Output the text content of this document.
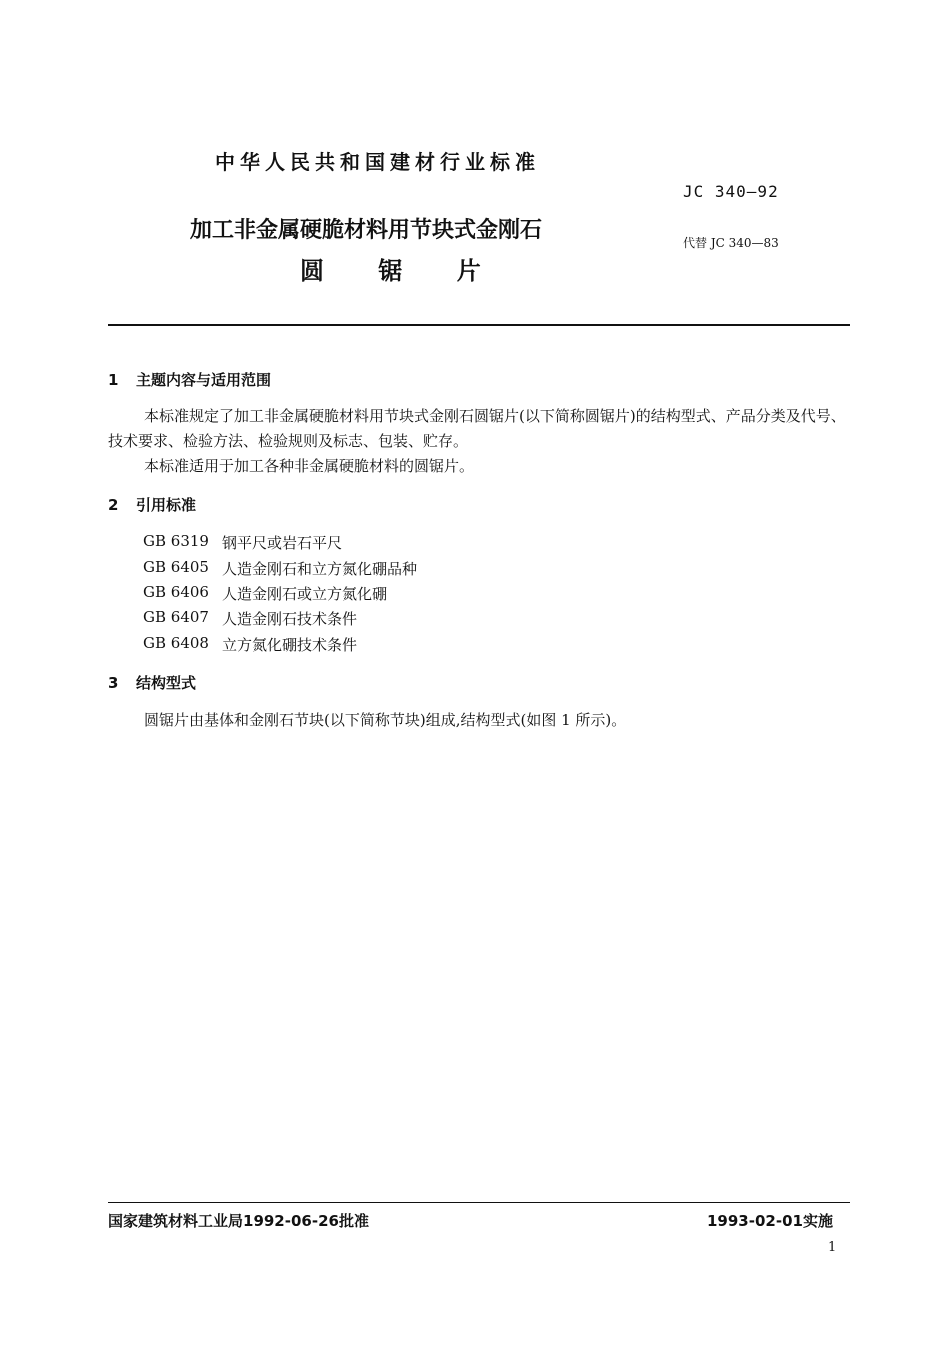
中华人民共和国建材行业标准
JC 340—92
代替 JC 340—83
加工非金属硬脆材料用节块式金刚石
圆 锯 片
1 主题内容与适用范围
本标准规定了加工非金属硬脆材料用节块式金刚石圆锯片(以下简称圆锯片)的结构型式、产品分类及代号、技术要求、检验方法、检验规则及标志、包装、贮存。
本标准适用于加工各种非金属硬脆材料的圆锯片。
2 引用标准
GB 6319 钢平尺或岩石平尺
GB 6405 人造金刚石和立方氮化硼品种
GB 6406 人造金刚石或立方氮化硼
GB 6407 人造金刚石技术条件
GB 6408 立方氮化硼技术条件
3 结构型式
圆锯片由基体和金刚石节块(以下简称节块)组成,结构型式(如图 1 所示)。
国家建筑材料工业局1992-06-26批准	1993-02-01实施
1
